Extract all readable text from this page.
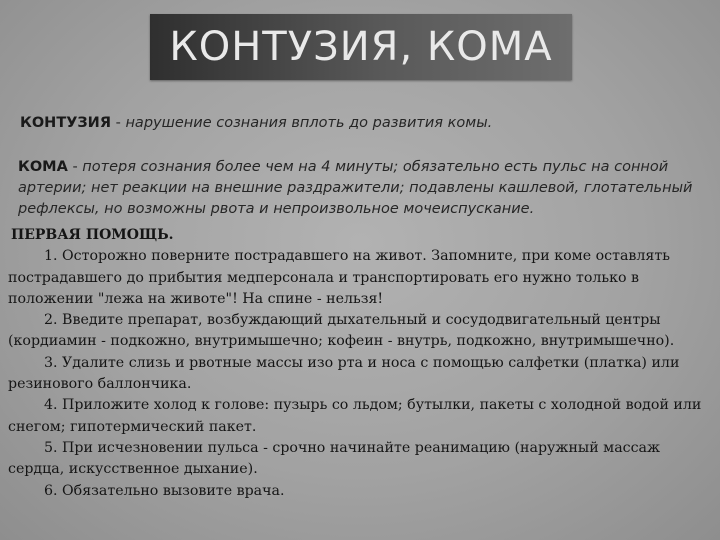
КОНТУЗИЯ, КОМА
КОНТУЗИЯ - нарушение сознания вплоть до развития комы.
КОМА - потеря сознания более чем на 4 минуты; обязательно есть пульс на сонной артерии; нет реакции на внешние раздражители; подавлены кашлевой, глотательный рефлексы, но возможны рвота и непроизвольное мочеиспускание.

ПЕРВАЯ ПОМОЩЬ.

1. Осторожно поверните пострадавшего на живот. Запомните, при коме оставлять пострадавшего до прибытия медперсонала и транспортировать его нужно только в положении "лежа на животе"! На спине - нельзя!

2. Введите препарат, возбуждающий дыхательный и сосудодвигательный центры (кордиамин - подкожно, внутримышечно; кофеин - внутрь, подкожно, внутримышечно).

3. Удалите слизь и рвотные массы изо рта и носа с помощью салфетки (платка) или резинового баллончика.

4. Приложите холод к голове: пузырь со льдом; бутылки, пакеты с холодной водой или снегом; гипотермический пакет.

5. При исчезновении пульса - срочно начинайте реанимацию (наружный массаж сердца, искусственное дыхание).

6. Обязательно вызовите врача.
